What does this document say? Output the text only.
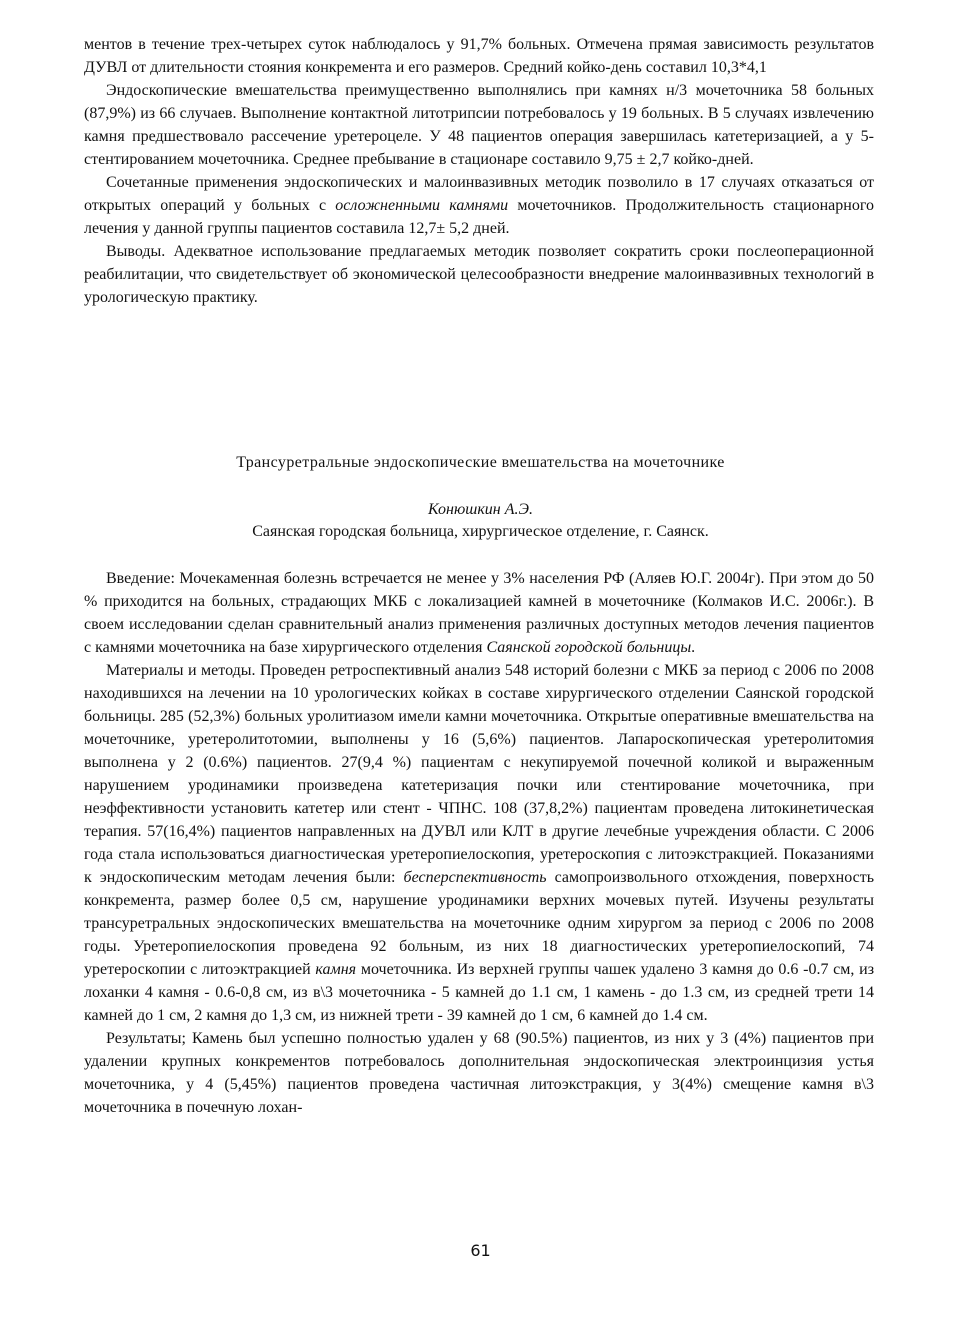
ментов в течение трех-четырех суток наблюдалось у 91,7% больных. Отмечена прямая зависимость результатов ДУВЛ от длительности стояния конкремента и его размеров. Средний койко-день составил 10,3*4,1

Эндоскопические вмешательства преимущественно выполнялись при камнях н/3 мочеточника 58 больных (87,9%) из 66 случаев. Выполнение контактной литотрипсии потребовалось у 19 больных. В 5 случаях извлечению камня предшествовало рассечение уретероцеле. У 48 пациентов операция завершилась катетеризацией, а у 5-стентированием мочеточника. Среднее пребывание в стационаре составило 9,75 ± 2,7 койко-дней.

Сочетанные применения эндоскопических и малоинвазивных методик позволило в 17 случаях отказаться от открытых операций у больных с осложненными камнями мочеточников. Продолжительность стационарного лечения у данной группы пациентов составила 12,7± 5,2 дней.

Выводы. Адекватное использование предлагаемых методик позволяет сократить сроки послеоперационной реабилитации, что свидетельствует об экономической целесообразности внедрение малоинвазивных технологий в урологическую практику.

Трансуретральные эндоскопические вмешательства на мочеточнике
Конюшкин А.Э.
Саянская городская больница, хирургическое отделение, г. Саянск.

Введение: Мочекаменная болезнь встречается не менее у 3% населения РФ (Аляев Ю.Г. 2004г). При этом до 50 % приходится на больных, страдающих МКБ с локализацией камней в мочеточнике (Колмаков И.С. 2006г.). В своем исследовании сделан сравнительный анализ применения различных доступных методов лечения пациентов с камнями мочеточника на базе хирургического отделения Саянской городской больницы.

Материалы и методы. Проведен ретроспективный анализ 548 историй болезни с МКБ за период с 2006 по 2008 находившихся на лечении на 10 урологических койках в составе хирургического отделении Саянской городской больницы. 285 (52,3%) больных уролитиазом имели камни мочеточника. Открытые оперативные вмешательства на мочеточнике, уретеролитотомии, выполнены у 16 (5,6%) пациентов. Лапароскопическая уретеролитомия выполнена у 2 (0.6%) пациентов. 27(9,4 %) пациентам с некупируемой почечной коликой и выраженным нарушением уродинамики произведена катетеризация почки или стентирование мочеточника, при неэффективности установить катетер или стент - ЧПНС. 108 (37,8,2%) пациентам проведена литокинетическая терапия. 57(16,4%) пациентов направленных на ДУВЛ или КЛТ в другие лечебные учреждения области. С 2006 года стала использоваться диагностическая уретеропиелоскопия, уретероскопия с литоэкстракцией. Показаниями к эндоскопическим методам лечения были: бесперспективность самопроизвольного отхождения, поверхность конкремента, размер более 0,5 см, нарушение уродинамики верхних мочевых путей. Изучены результаты трансуретральных эндоскопических вмешательства на мочеточнике одним хирургом за период с 2006 по 2008 годы. Уретеропиелоскопия проведена 92 больным, из них 18 диагностических уретеропиелоскопий, 74 уретероскопии с литоэктракцией камня мочеточника. Из верхней группы чашек удалено 3 камня до 0.6 -0.7 см, из лоханки 4 камня - 0.6-0,8 см, из в\3 мочеточника - 5 камней до 1.1 см, 1 камень - до 1.3 см, из средней трети 14 камней до 1 см, 2 камня до 1,3 см, из нижней трети - 39 камней до 1 см, 6 камней до 1.4 см.

Результаты; Камень был успешно полностью удален у 68 (90.5%) пациентов, из них у 3 (4%) пациентов при удалении крупных конкрементов потребовалось дополнительная эндоскопическая электроинцизия устья мочеточника, у 4 (5,45%) пациентов проведена частичная литоэкстракция, у 3(4%) смещение камня в\3 мочеточника в почечную лохан-

61
